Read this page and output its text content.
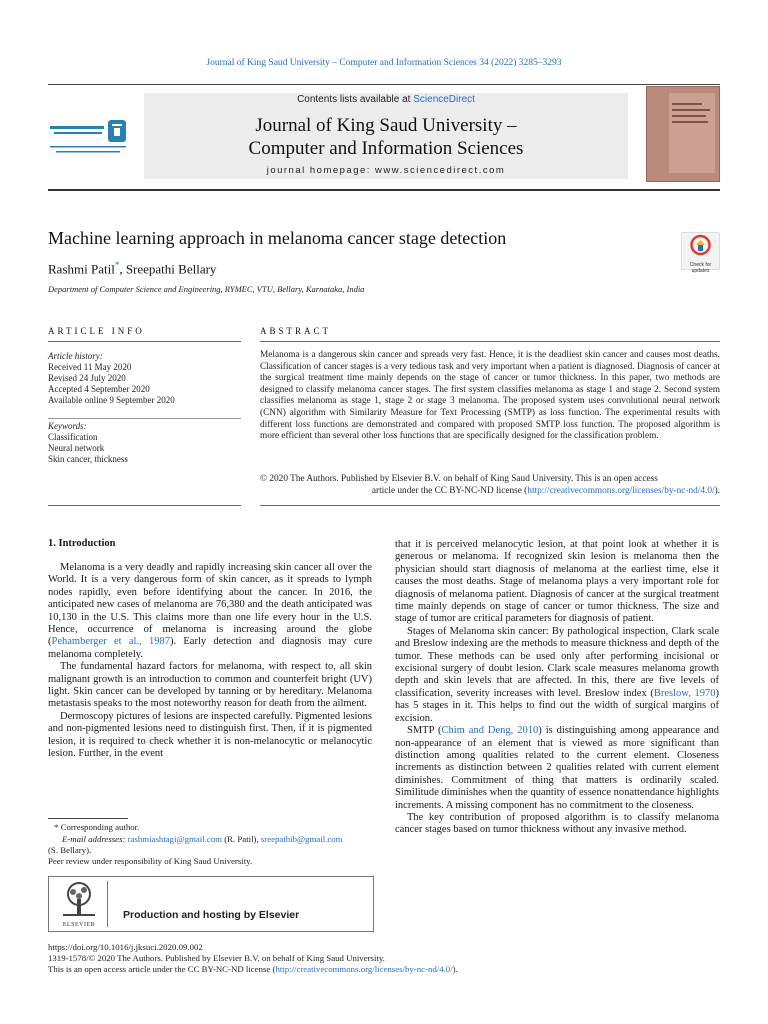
Journal of King Saud University – Computer and Information Sciences 34 (2022) 3285–3293
Contents lists available at ScienceDirect
Journal of King Saud University –
Computer and Information Sciences
journal homepage: www.sciencedirect.com
Machine learning approach in melanoma cancer stage detection
Rashmi Patil*, Sreepathi Bellary
Department of Computer Science and Engineering, RYMEC, VTU, Bellary, Karnataka, India
Check for updates
ARTICLE INFO	ABSTRACT
Article history:
Received 11 May 2020
Revised 24 July 2020
Accepted 4 September 2020
Available online 9 September 2020
Keywords:
Classification
Neural network
Skin cancer, thickness
Melanoma is a dangerous skin cancer and spreads very fast. Hence, it is the deadliest skin cancer and causes most deaths. Classification of cancer stages is a very tedious task and very important when a patient is diagnosed. Diagnosis of cancer at the surgical treatment time mainly depends on the stage of cancer or tumor thickness. In this paper, two methods are designed to classify melanoma cancer stages. The first system classifies melanoma as stage 1 and stage 2. Second system classifies melanoma as stage 1, stage 2 or stage 3 melanoma. The proposed system uses convolutional neural network (CNN) algorithm with Similarity Measure for Text Processing (SMTP) as loss function. The experimental results with different loss functions are demonstrated and compared with proposed SMTP loss function. The proposed algorithm is more efficient than several other loss functions that are specifically designed for the classification problem.
© 2020 The Authors. Published by Elsevier B.V. on behalf of King Saud University. This is an open access
article under the CC BY-NC-ND license (http://creativecommons.org/licenses/by-nc-nd/4.0/).
1. Introduction

Melanoma is a very deadly and rapidly increasing skin cancer all over the World. It is a very dangerous form of skin cancer, as it spreads to lymph nodes rapidly, even before identifying about the cancer. In 2016, the anticipated new cases of melanoma are 76,380 and the death anticipated was 10,130 in the U.S. This claims more than one life every hour in the U.S. Hence, occurrence of melanoma is increasing around the globe (Pehamberger et al., 1987). Early detection and diagnosis may cure melanoma completely.

The fundamental hazard factors for melanoma, with respect to, all skin malignant growth is an introduction to common and counterfeit bright (UV) light. Skin cancer can be developed by tanning or by hereditary. Melanoma metastasis speaks to the most noteworthy reason for death from the ailment.

Dermoscopy pictures of lesions are inspected carefully. Pigmented lesions and non-pigmented lesions need to distinguish first. Then, if it is pigmented lesion, it is required to check whether it is non-melanocytic or melanocytic lesion. Further, in the event

that it is perceived melanocytic lesion, at that point look at whether it is generous or melanoma. If recognized skin lesion is melanoma then the physician should start diagnosis of melanoma at the earliest time, else it causes the most deaths. Stage of melanoma plays a very important role for diagnosis of melanoma patient. Diagnosis of cancer at the surgical treatment time mainly depends on stage of cancer or tumor thickness. The size and stage of tumor are critical parameters for diagnosis of patient.

Stages of Melanoma skin cancer: By pathological inspection, Clark scale and Breslow indexing are the methods to measure thickness and depth of the tumor. These methods can be used only after performing incisional or excisional surgery of doubt lesion. Clark scale measures melanoma growth depth and skin levels that are affected. In this, there are five levels of classification, severity increases with level. Breslow index (Breslow, 1970) has 5 stages in it. This helps to find out the width of surgical margins of excision.

SMTP (Chim and Deng, 2010) is distinguishing among appearance and non-appearance of an element that is viewed as more significant than distinction among qualities related to the current element. Closeness increments as distinction between 2 qualities related with current element diminishes. Commitment of thing that matters is ordinarily scaled. Similitude diminishes when the quantity of essence nonattendance highlights increments. A missing component has no commitment to the closeness.

The key contribution of proposed algorithm is to classify melanoma cancer stages based on tumor thickness without any invasive method.

* Corresponding author.
E-mail addresses: rashmiashtagi@gmail.com (R. Patil), sreepathib@gmail.com
(S. Bellary).
Peer review under responsibility of King Saud University.
ELSEVIER
Production and hosting by Elsevier
https://doi.org/10.1016/j.jksuci.2020.09.002
1319-1578/© 2020 The Authors. Published by Elsevier B.V. on behalf of King Saud University.
This is an open access article under the CC BY-NC-ND license (http://creativecommons.org/licenses/by-nc-nd/4.0/).
